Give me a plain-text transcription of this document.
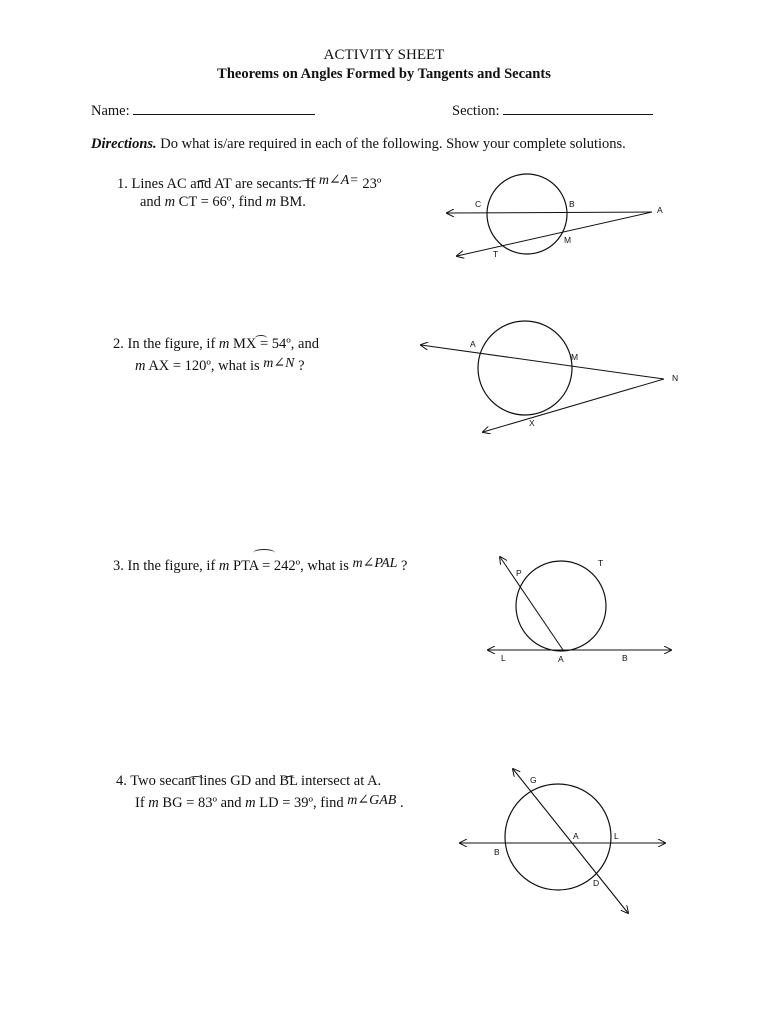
ACTIVITY SHEET
Theorems on Angles Formed by Tangents and Secants
Name:	Section:
Directions. Do what is/are required in each of the following. Show your complete solutions.
1. Lines AC and AT are secants. If m∠A= 23º
and m CT = 66º, find m BM.	C	B
A
M
T
A
M
N
X
P
T
L	A	B
G
A	L
B
D
2. In the figure, if m MX = 54º, and
m AX = 120º, what is m∠N ?
3. In the figure, if m PTA = 242º, what is m∠PAL ?
4. Two secant lines GD and BL intersect at A.
If m BG = 83º and m LD = 39º, find m∠GAB .
